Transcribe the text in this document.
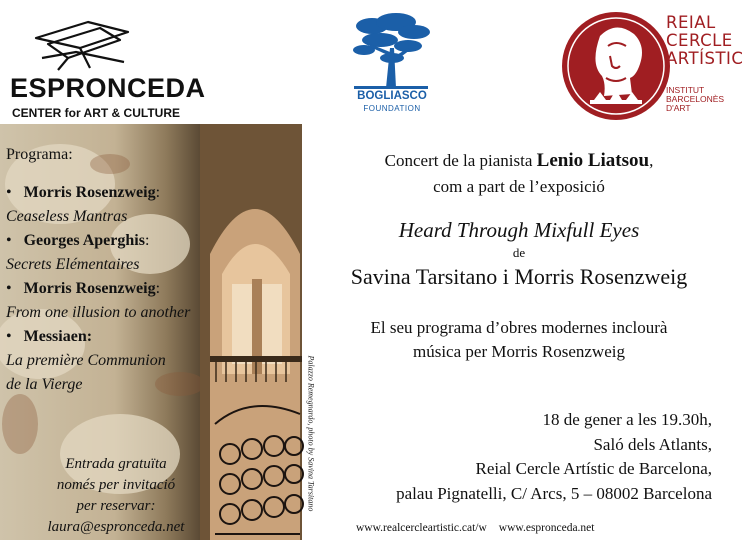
ESPRONCEDA
CENTER for ART & CULTURE
BOGLIASCO
FOUNDATION
REIAL
CERCLE
ARTÍSTIC
INSTITUT
BARCELONÈS
D'ART
Palazzo Remegnardo, photo by Savina Tarsitano
Programa:
• Morris Rosenzweig:
Ceaseless Mantras
• Georges Aperghis:
Secrets Elémentaires
• Morris Rosenzweig:
From one illusion to another
• Messiaen:
La première Communion
de la Vierge
Entrada gratuïta
només per invitació
per reservar:
laura@espronceda.net
Concert de la pianista Lenio Liatsou,
com a part de l’exposició
Heard Through Mixfull Eyes
de
Savina Tarsitano i Morris Rosenzweig
El seu programa d’obres modernes inclourà
música per Morris Rosenzweig
18 de gener a les 19.30h,
Saló dels Atlants,
Reial Cercle Artístic de Barcelona,
palau Pignatelli, C/ Arcs, 5 – 08002 Barcelona
www.realcercleartistic.cat/w www.espronceda.net
